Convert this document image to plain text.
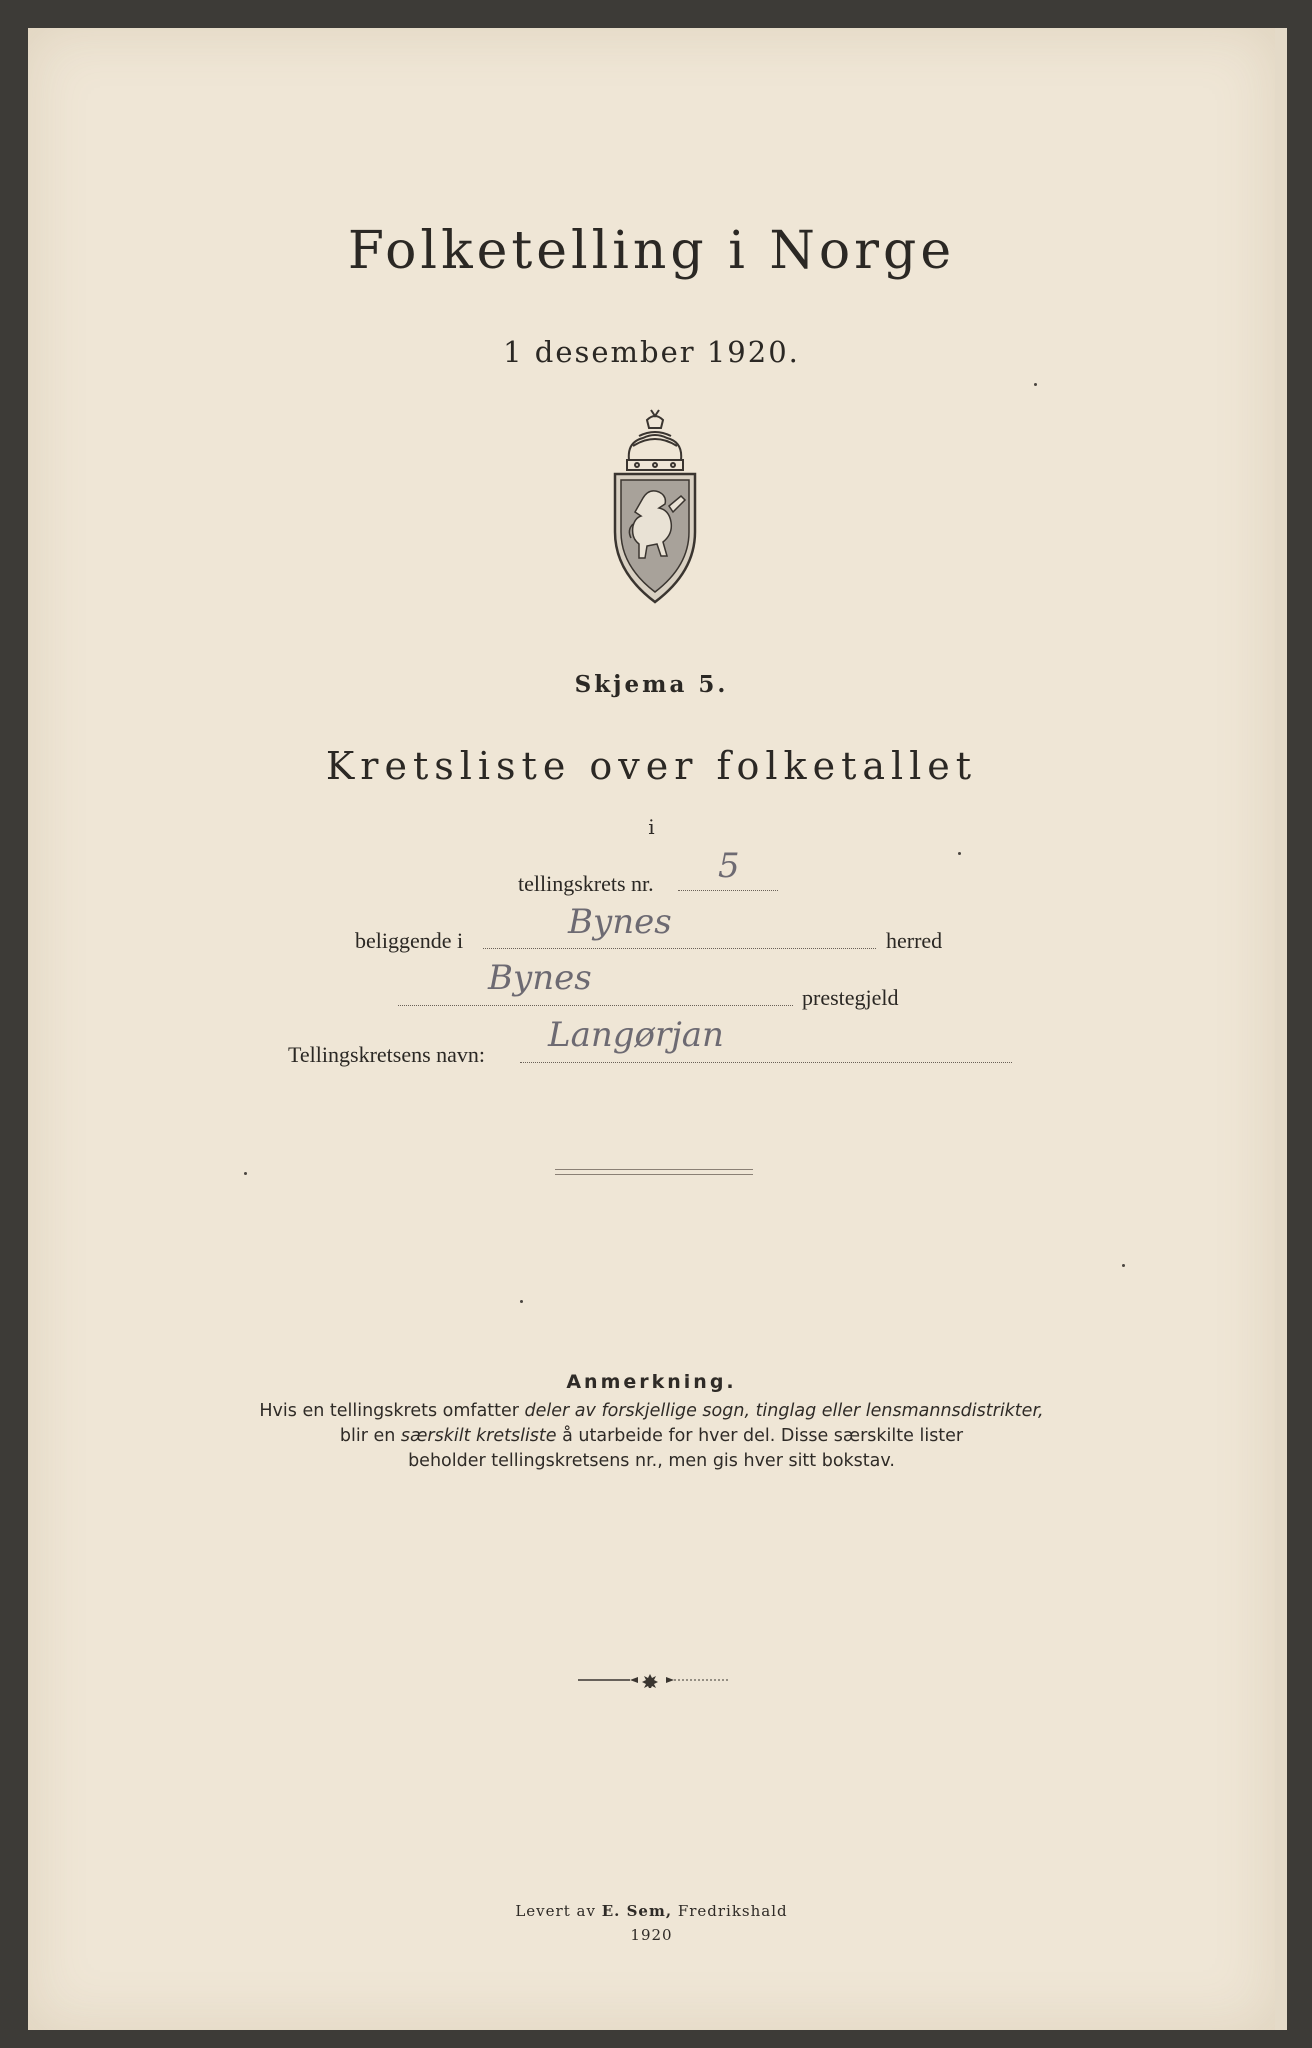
Folketelling i Norge
1 desember 1920.
Skjema 5.
Kretsliste over folketallet
i
tellingskrets nr. 5
beliggende i	Bynes	herred
Bynes	prestegjeld
Tellingskretsens navn: Langørjan
Anmerkning.
Hvis en tellingskrets omfatter deler av forskjellige sogn, tinglag eller lensmannsdistrikter,
blir en særskilt kretsliste å utarbeide for hver del. Disse særskilte lister
beholder tellingskretsens nr., men gis hver sitt bokstav.
Levert av E. Sem, Fredrikshald
1920
